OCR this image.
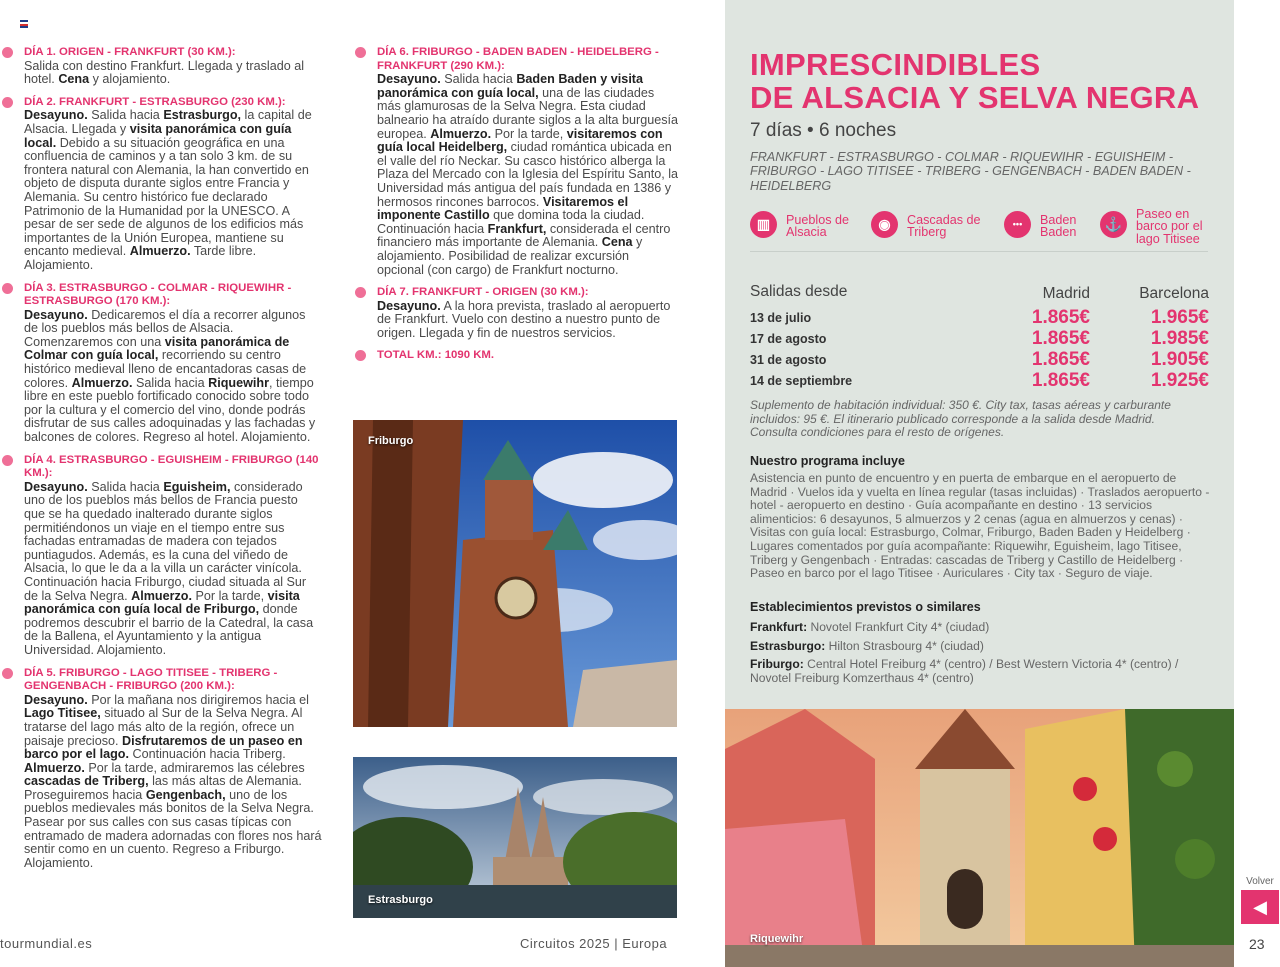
DÍA 1. ORIGEN - FRANKFURT (30 KM.):
Salida con destino Frankfurt. Llegada y traslado al hotel. Cena y alojamiento.
DÍA 2. FRANKFURT - ESTRASBURGO (230 KM.):
Desayuno. Salida hacia Estrasburgo, la capital de Alsacia. Llegada y visita panorámica con guía local. Debido a su situación geográfica en una confluencia de caminos y a tan solo 3 km. de su frontera natural con Alemania, la han convertido en objeto de disputa durante siglos entre Francia y Alemania. Su centro histórico fue declarado Patrimonio de la Humanidad por la UNESCO. A pesar de ser sede de algunos de los edificios más importantes de la Unión Europea, mantiene su encanto medieval. Almuerzo. Tarde libre. Alojamiento.
DÍA 3. ESTRASBURGO - COLMAR - RIQUEWIHR - ESTRASBURGO (170 KM.):
Desayuno. Dedicaremos el día a recorrer algunos de los pueblos más bellos de Alsacia. Comenzaremos con una visita panorámica de Colmar con guía local, recorriendo su centro histórico medieval lleno de encantadoras casas de colores. Almuerzo. Salida hacia Riquewihr, tiempo libre en este pueblo fortificado conocido sobre todo por la cultura y el comercio del vino, donde podrás disfrutar de sus calles adoquinadas y las fachadas y balcones de colores. Regreso al hotel. Alojamiento.
DÍA 4. ESTRASBURGO - EGUISHEIM - FRIBURGO (140 KM.):
Desayuno. Salida hacia Eguisheim, considerado uno de los pueblos más bellos de Francia puesto que se ha quedado inalterado durante siglos permitiéndonos un viaje en el tiempo entre sus fachadas entramadas de madera con tejados puntiagudos. Además, es la cuna del viñedo de Alsacia, lo que le da a la villa un carácter vinícola. Continuación hacia Friburgo, ciudad situada al Sur de la Selva Negra. Almuerzo. Por la tarde, visita panorámica con guía local de Friburgo, donde podremos descubrir el barrio de la Catedral, la casa de la Ballena, el Ayuntamiento y la antigua Universidad. Alojamiento.
DÍA 5. FRIBURGO - LAGO TITISEE - TRIBERG - GENGENBACH - FRIBURGO (200 KM.):
Desayuno. Por la mañana nos dirigiremos hacia el Lago Titisee, situado al Sur de la Selva Negra. Al tratarse del lago más alto de la región, ofrece un paisaje precioso. Disfrutaremos de un paseo en barco por el lago. Continuación hacia Triberg. Almuerzo. Por la tarde, admiraremos las célebres cascadas de Triberg, las más altas de Alemania. Proseguiremos hacia Gengenbach, uno de los pueblos medievales más bonitos de la Selva Negra. Pasear por sus calles con sus casas típicas con entramado de madera adornadas con flores nos hará sentir como en un cuento. Regreso a Friburgo. Alojamiento.
DÍA 6. FRIBURGO - BADEN BADEN - HEIDELBERG - FRANKFURT (290 KM.):
Desayuno. Salida hacia Baden Baden y visita panorámica con guía local, una de las ciudades más glamurosas de la Selva Negra. Esta ciudad balneario ha atraído durante siglos a la alta burguesía europea. Almuerzo. Por la tarde, visitaremos con guía local Heidelberg, ciudad romántica ubicada en el valle del río Neckar. Su casco histórico alberga la Plaza del Mercado con la Iglesia del Espíritu Santo, la Universidad más antigua del país fundada en 1386 y hermosos rincones barrocos. Visitaremos el imponente Castillo que domina toda la ciudad. Continuación hacia Frankfurt, considerada el centro financiero más importante de Alemania. Cena y alojamiento. Posibilidad de realizar excursión opcional (con cargo) de Frankfurt nocturno.
DÍA 7. FRANKFURT - ORIGEN (30 KM.):
Desayuno. A la hora prevista, traslado al aeropuerto de Frankfurt. Vuelo con destino a nuestro punto de origen. Llegada y fin de nuestros servicios.
TOTAL KM.: 1090 KM.
Friburgo
Estrasburgo
tourmundial.es	Circuitos 2025 | Europa
IMPRESCINDIBLES
DE ALSACIA Y SELVA NEGRA
7 días • 6 noches
FRANKFURT - ESTRASBURGO - COLMAR - RIQUEWIHR - EGUISHEIM - FRIBURGO - LAGO TITISEE - TRIBERG - GENGENBACH - BADEN BADEN - HEIDELBERG
▥	Pueblos de
Alsacia
◉	Cascadas de
Triberg
•••	Baden
Baden
⚓
Paseo en
barco por el
lago Titisee
Salidas desde	Madrid	Barcelona
13 de julio	1.865€	1.965€
17 de agosto	1.865€	1.985€
31 de agosto	1.865€	1.905€
14 de septiembre	1.865€	1.925€
Suplemento de habitación individual: 350 €. City tax, tasas aéreas y carburante incluidos: 95 €. El itinerario publicado corresponde a la salida desde Madrid. Consulta condiciones para el resto de orígenes.
Nuestro programa incluye
Asistencia en punto de encuentro y en puerta de embarque en el aeropuerto de Madrid · Vuelos ida y vuelta en línea regular (tasas incluidas) · Traslados aeropuerto - hotel - aeropuerto en destino · Guía acompañante en destino · 13 servicios alimenticios: 6 desayunos, 5 almuerzos y 2 cenas (agua en almuerzos y cenas) · Visitas con guía local: Estrasburgo, Colmar, Friburgo, Baden Baden y Heidelberg · Lugares comentados por guía acompañante: Riquewihr, Eguisheim, lago Titisee, Triberg y Gengenbach · Entradas: cascadas de Triberg y Castillo de Heidelberg · Paseo en barco por el lago Titisee · Auriculares · City tax · Seguro de viaje.
Establecimientos previstos o similares
Frankfurt: Novotel Frankfurt City 4* (ciudad)
Estrasburgo: Hilton Strasbourg 4* (ciudad)
Friburgo: Central Hotel Freiburg 4* (centro) / Best Western Victoria 4* (centro) / Novotel Freiburg Komzerthaus 4* (centro)
Riquewihr
Volver
◀
23
